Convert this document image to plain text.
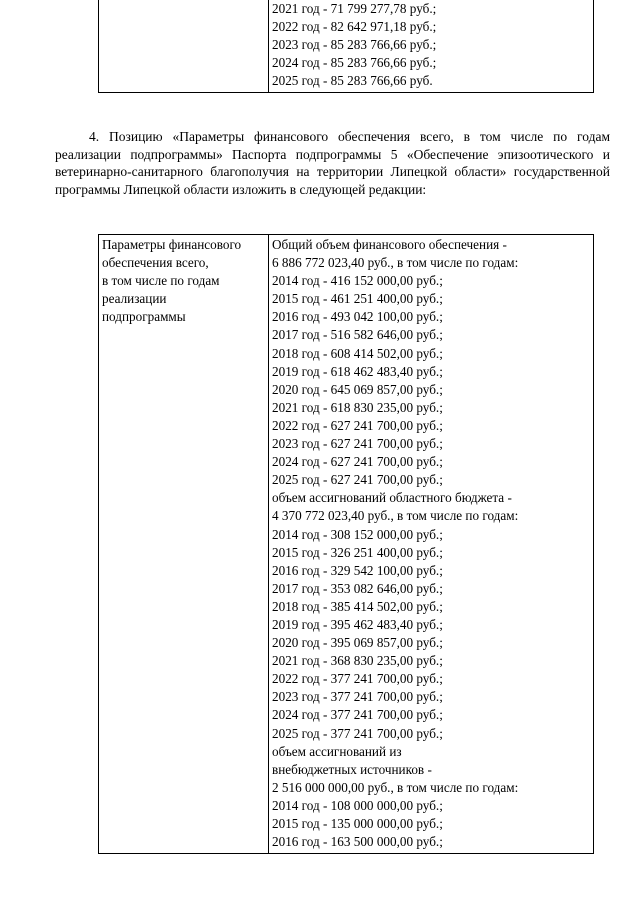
2021 год - 71 799 277,78 руб.;
2022 год - 82 642 971,18 руб.;
2023 год - 85 283 766,66 руб.;
2024 год - 85 283 766,66 руб.;
2025 год - 85 283 766,66 руб.
4. Позицию «Параметры финансового обеспечения всего, в том числе по годам реализации подпрограммы» Паспорта подпрограммы 5 «Обеспечение эпизоотического и ветеринарно-санитарного благополучия на территории Липецкой области» государственной программы Липецкой области изложить в следующей редакции:
Параметры финансового
обеспечения всего,
в том числе по годам
реализации
подпрограммы

Общий объем финансового обеспечения -
6 886 772 023,40 руб., в том числе по годам:
2014 год - 416 152 000,00 руб.;
2015 год - 461 251 400,00 руб.;
2016 год - 493 042 100,00 руб.;
2017 год - 516 582 646,00 руб.;
2018 год - 608 414 502,00 руб.;
2019 год - 618 462 483,40 руб.;
2020 год - 645 069 857,00 руб.;
2021 год - 618 830 235,00 руб.;
2022 год - 627 241 700,00 руб.;
2023 год - 627 241 700,00 руб.;
2024 год - 627 241 700,00 руб.;
2025 год - 627 241 700,00 руб.;
объем ассигнований областного бюджета -
4 370 772 023,40 руб., в том числе по годам:
2014 год - 308 152 000,00 руб.;
2015 год - 326 251 400,00 руб.;
2016 год - 329 542 100,00 руб.;
2017 год - 353 082 646,00 руб.;
2018 год - 385 414 502,00 руб.;
2019 год - 395 462 483,40 руб.;
2020 год - 395 069 857,00 руб.;
2021 год - 368 830 235,00 руб.;
2022 год - 377 241 700,00 руб.;
2023 год - 377 241 700,00 руб.;
2024 год - 377 241 700,00 руб.;
2025 год - 377 241 700,00 руб.;
объем ассигнований из
внебюджетных источников -
2 516 000 000,00 руб., в том числе по годам:
2014 год - 108 000 000,00 руб.;
2015 год - 135 000 000,00 руб.;
2016 год - 163 500 000,00 руб.;
